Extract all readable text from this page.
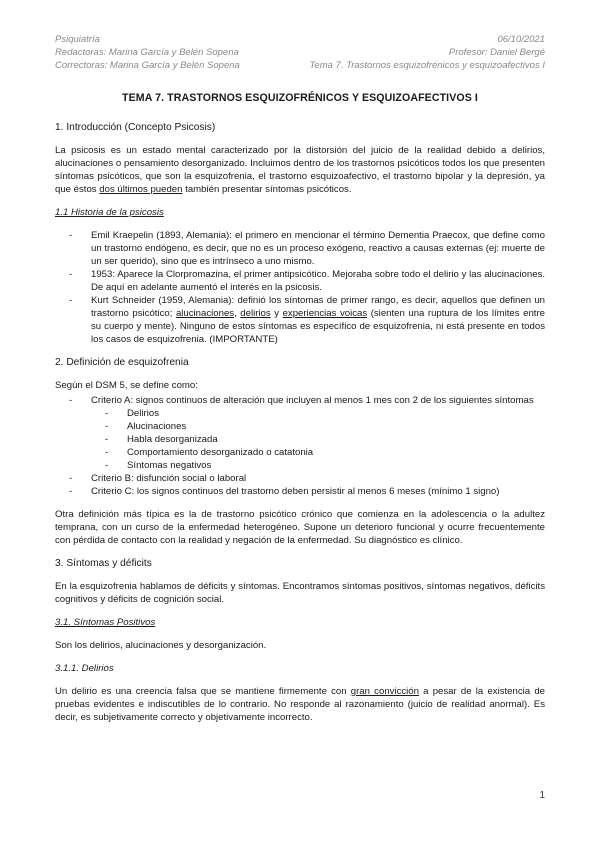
Psiquiatría	06/10/2021
Redactoras: Marina García y Belén Sopena	Profesor: Daniel Bergé
Correctoras: Marina García y Belén Sopena	Tema 7. Trastornos esquizofrénicos y esquizoafectivos I
TEMA 7. TRASTORNOS ESQUIZOFRÉNICOS Y ESQUIZOAFECTIVOS I
1. Introducción (Concepto Psicosis)

La psicosis es un estado mental caracterizado por la distorsión del juicio de la realidad debido a delirios, alucinaciones o pensamiento desorganizado. Incluimos dentro de los trastornos psicóticos todos los que presenten síntomas psicóticos, que son la esquizofrenia, el trastorno esquizoafectivo, el trastorno bipolar y la depresión, ya que éstos dos últimos pueden también presentar síntomas psicóticos.

1.1 Historia de la psicosis
- Emil Kraepelin (1893, Alemania): el primero en mencionar el término Dementia Praecox, que define como un trastorno endógeno, es decir, que no es un proceso exógeno, reactivo a causas externas (ej: muerte de un ser querido), sino que es intrínseco a uno mismo.
- 1953: Aparece la Clorpromazina, el primer antipsicótico. Mejoraba sobre todo el delirio y las alucinaciones. De aquí en adelante aumentó el interés en la psicosis.
- Kurt Schneider (1959, Alemania): definió los síntomas de primer rango, es decir, aquellos que definen un trastorno psicótico; alucinaciones, delirios y experiencias voicas (sienten una ruptura de los límites entre su cuerpo y mente). Ninguno de estos síntomas es específico de esquizofrenia, ni está presente en todos los casos de esquizofrenia. (IMPORTANTE)
2. Definición de esquizofrenia
Según el DSM 5, se define como:
- Criterio A: signos continuos de alteración que incluyen al menos 1 mes con 2 de los siguientes síntomas
- Delirios
- Alucinaciones
- Habla desorganizada
- Comportamiento desorganizado o catatonia
- Síntomas negativos
- Criterio B: disfunción social o laboral
- Criterio C: los signos continuos del trastorno deben persistir al menos 6 meses (mínimo 1 signo)

Otra definición más típica es la de trastorno psicótico crónico que comienza en la adolescencia o la adultez temprana, con un curso de la enfermedad heterogéneo. Supone un deterioro funcional y ocurre frecuentemente con pérdida de contacto con la realidad y negación de la enfermedad. Su diagnóstico es clínico.

3. Síntomas y déficits

En la esquizofrenia hablamos de déficits y síntomas. Encontramos síntomas positivos, síntomas negativos, déficits cognitivos y déficits de cognición social.

3.1. Síntomas Positivos

Son los delirios, alucinaciones y desorganización.

3.1.1. Delirios

Un delirio es una creencia falsa que se mantiene firmemente con gran convicción a pesar de la existencia de pruebas evidentes e indiscutibles de lo contrario. No responde al razonamiento (juicio de realidad anormal). Es decir, es subjetivamente correcto y objetivamente incorrecto.

1
